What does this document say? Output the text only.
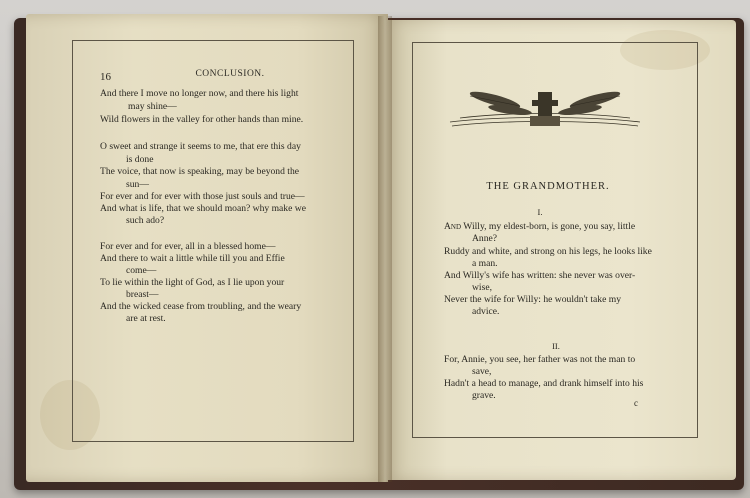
16	CONCLUSION.
And there I move no longer now, and there his light
may shine—
Wild flowers in the valley for other hands than mine.
O sweet and strange it seems to me, that ere this day
is done
The voice, that now is speaking, may be beyond the
sun—
For ever and for ever with those just souls and true—
And what is life, that we should moan? why make we
such ado?
For ever and for ever, all in a blessed home—
And there to wait a little while till you and Effie
come—
To lie within the light of God, as I lie upon your
breast—
And the wicked cease from troubling, and the weary
are at rest.
THE GRANDMOTHER.
I.
And Willy, my eldest-born, is gone, you say, little
Anne?
Ruddy and white, and strong on his legs, he looks like
a man.
And Willy's wife has written: she never was over-
wise,
Never the wife for Willy: he wouldn't take my
advice.
II.
For, Annie, you see, her father was not the man to
save,
Hadn't a head to manage, and drank himself into his
grave.
c
